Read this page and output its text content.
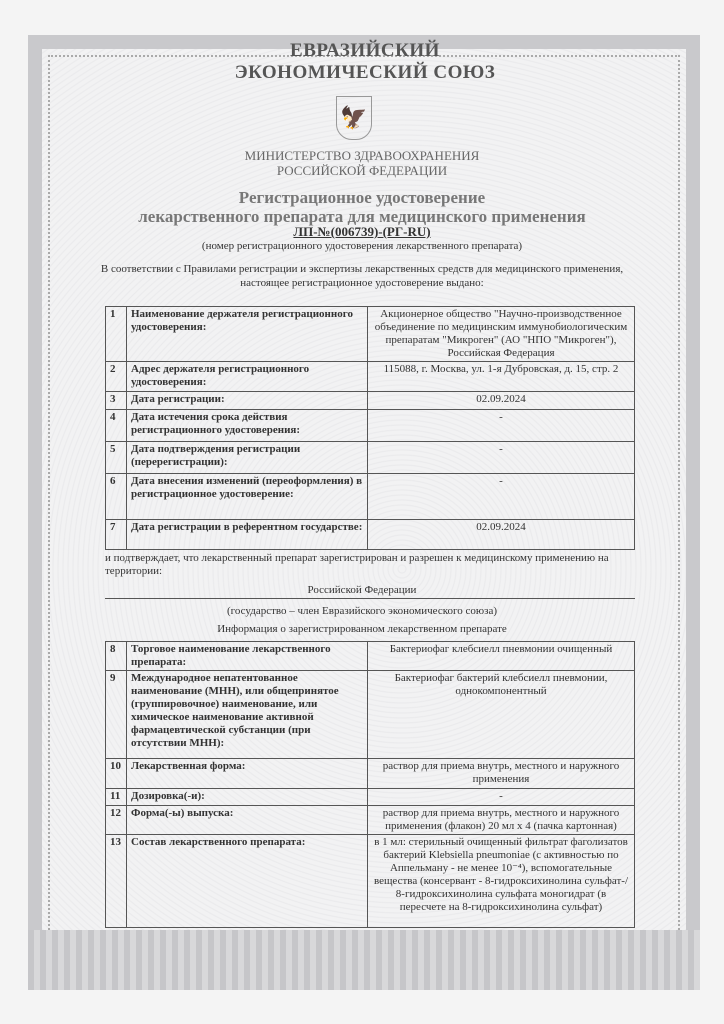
ЕВРАЗИЙСКИЙ ЭКОНОМИЧЕСКИЙ СОЮЗ
🦅
МИНИСТЕРСТВО ЗДРАВООХРАНЕНИЯ
РОССИЙСКОЙ ФЕДЕРАЦИИ
Регистрационное удостоверение
лекарственного препарата для медицинского применения
ЛП-№(006739)-(РГ-RU)
(номер регистрационного удостоверения лекарственного препарата)
В соответствии с Правилами регистрации и экспертизы лекарственных средств для медицинского применения, настоящее регистрационное удостоверение выдано:
1	Наименование держателя регистрационного удостоверения:	Акционерное общество "Научно-производственное объединение по медицинским иммунобиологическим препаратам "Микроген" (АО "НПО "Микроген"), Российская Федерация
2	Адрес держателя регистрационного удостоверения:	115088, г. Москва, ул. 1-я Дубровская, д. 15, стр. 2
3	Дата регистрации:	02.09.2024
4	Дата истечения срока действия регистрационного удостоверения:	-
5	Дата подтверждения регистрации (перерегистрации):	-
6	Дата внесения изменений (переоформления) в регистрационное удостоверение:	-
7	Дата регистрации в референтном государстве:	02.09.2024
и подтверждает, что лекарственный препарат зарегистрирован и разрешен к медицинскому применению на территории:
Российской Федерации
(государство – член Евразийского экономического союза)
Информация о зарегистрированном лекарственном препарате
8	Торговое наименование лекарственного препарата:	Бактериофаг клебсиелл пневмонии очищенный
9	Международное непатентованное наименование (МНН), или общепринятое (группировочное) наименование, или химическое наименование активной фармацевтической субстанции (при отсутствии МНН):	Бактериофаг бактерий клебсиелл пневмонии, однокомпонентный
10	Лекарственная форма:	раствор для приема внутрь, местного и наружного применения
11	Дозировка(-и):	-
12	Форма(-ы) выпуска:	раствор для приема внутрь, местного и наружного применения (флакон) 20 мл х 4 (пачка картонная)
13	Состав лекарственного препарата:	в 1 мл: стерильный очищенный фильтрат фаголизатов бактерий Klebsiella pneumoniae (с активностью по Аппельману - не менее 10⁻⁴), вспомогательные вещества (консервант - 8-гидроксихинолина сульфат-/ 8-гидроксихинолина сульфата моногидрат (в пересчете на 8-гидроксихинолина сульфат)
